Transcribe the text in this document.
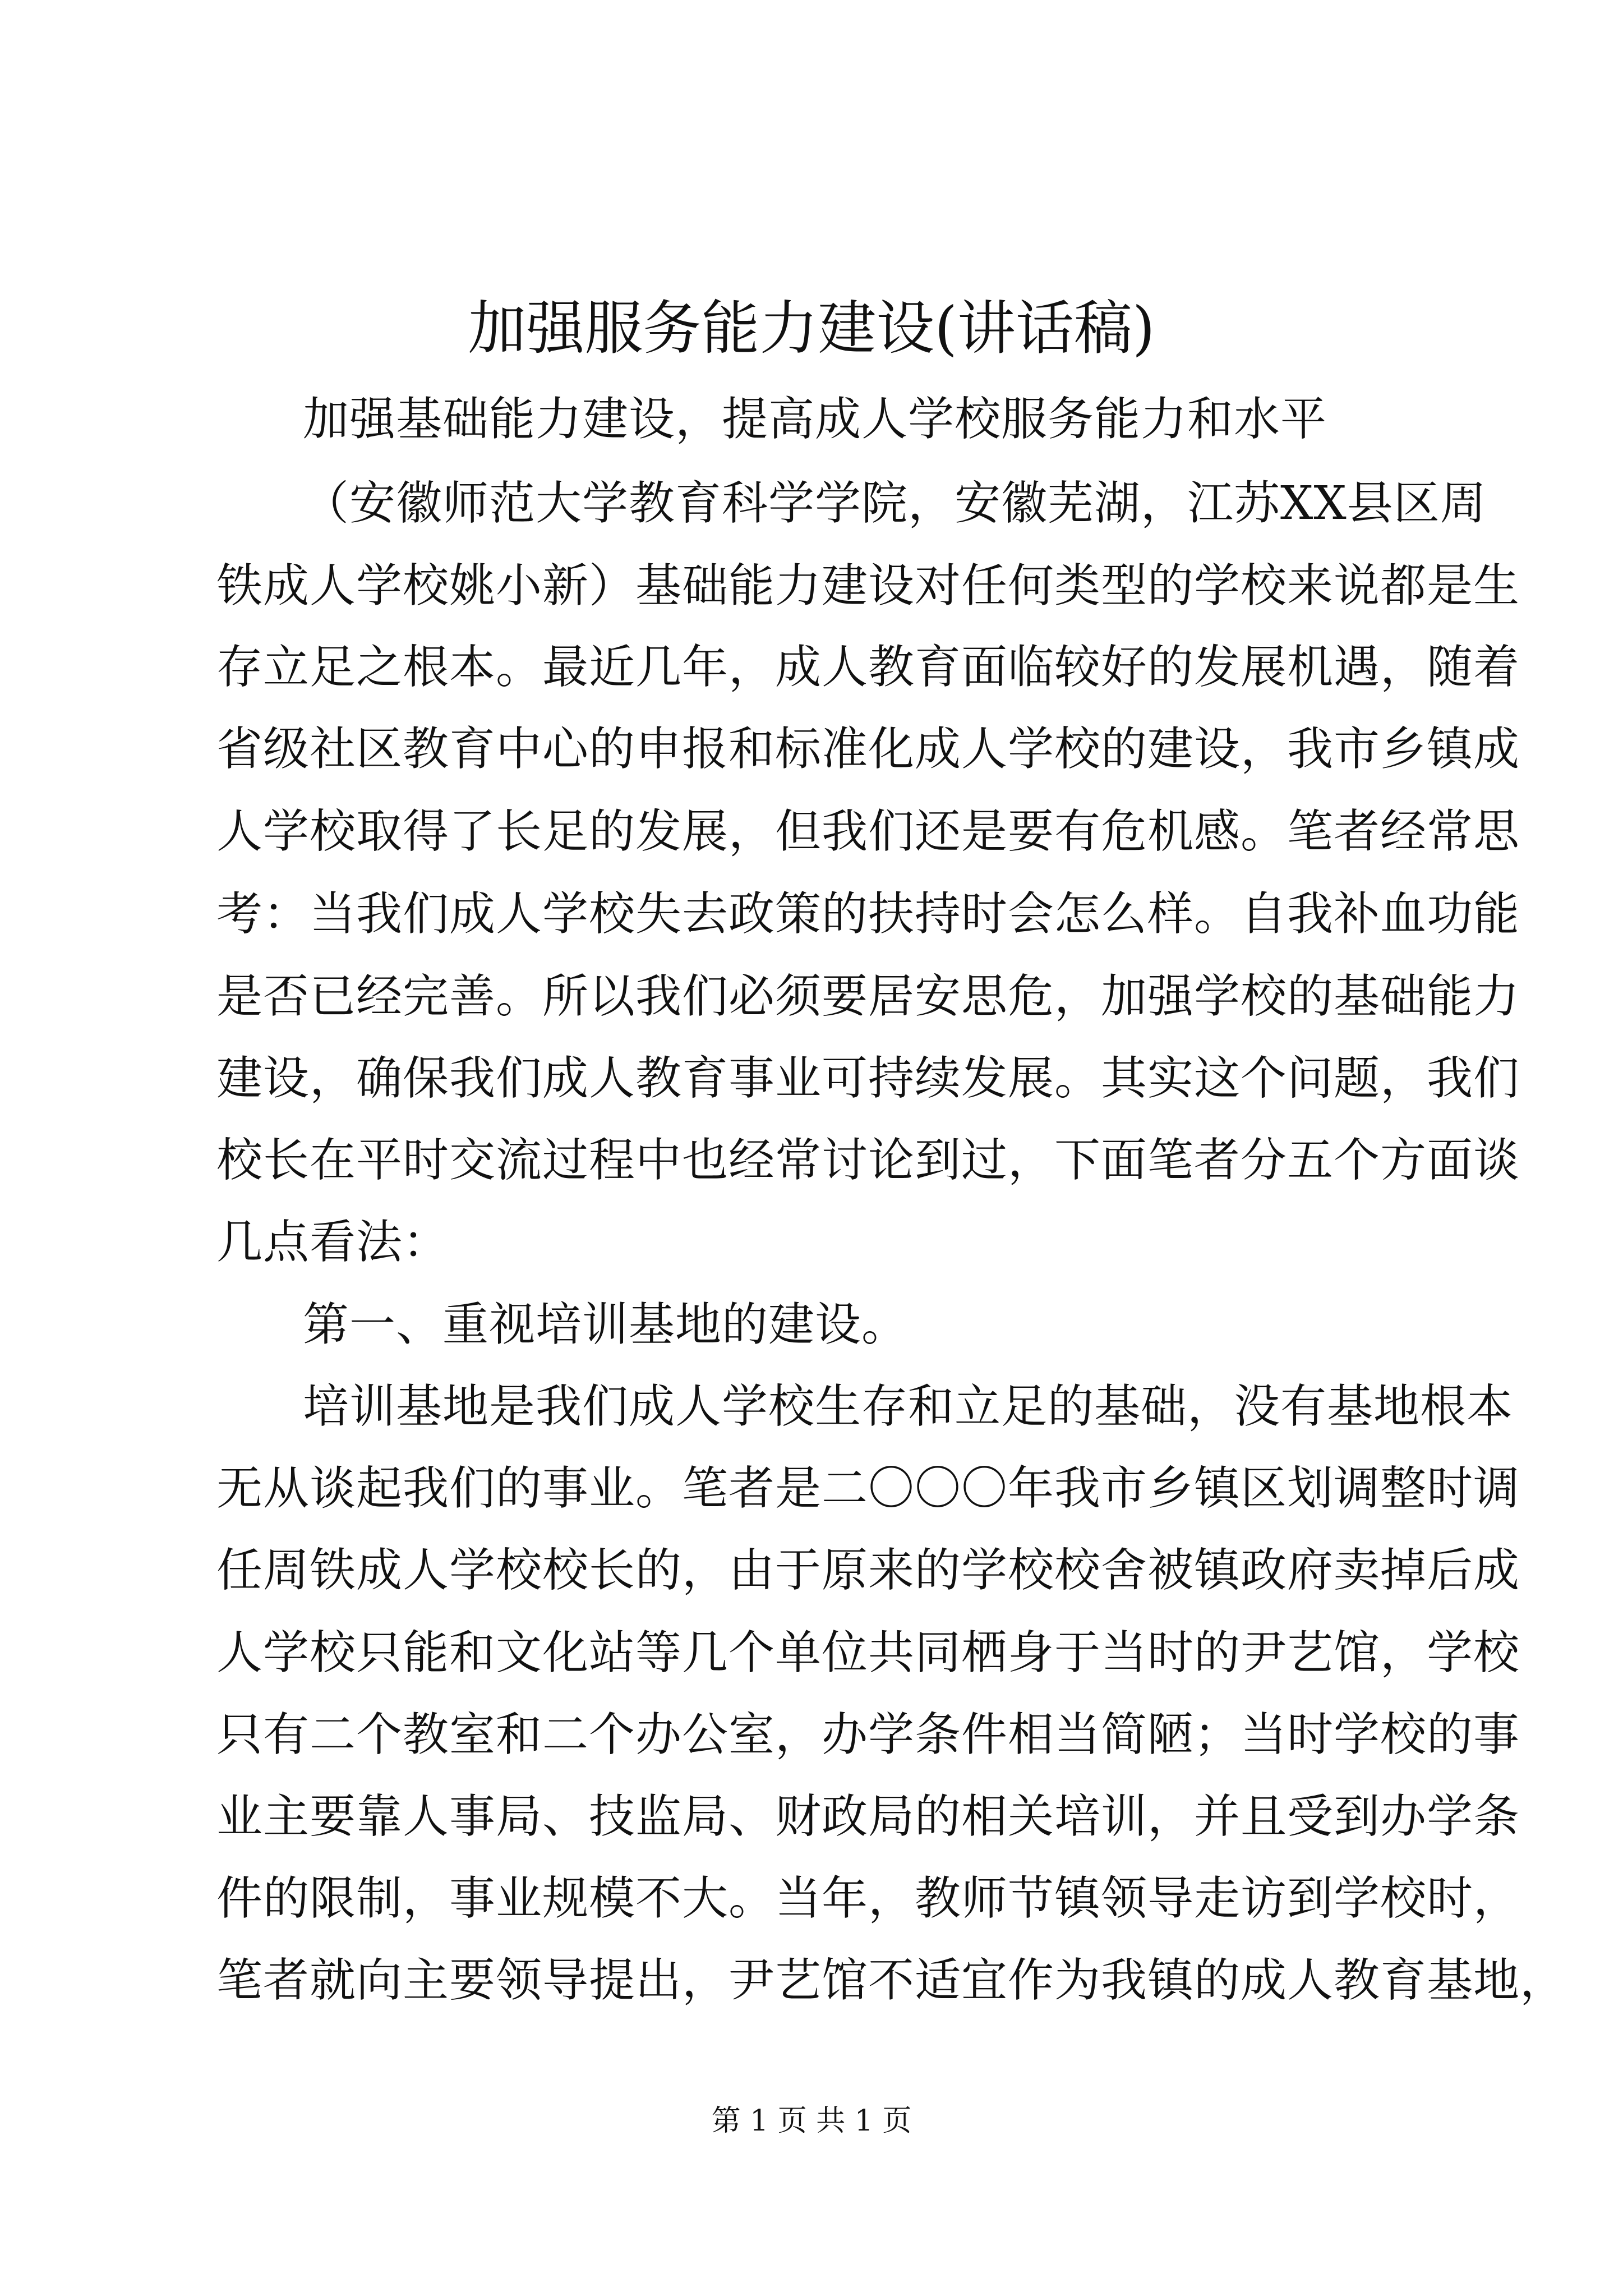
加强服务能力建设(讲话稿)

加强基础能力建设，提高成人学校服务能力和水平

（安徽师范大学教育科学学院，安徽芜湖，江苏XX县区周

铁成人学校姚小新）基础能力建设对任何类型的学校来说都是生

存立足之根本。最近几年，成人教育面临较好的发展机遇，随着

省级社区教育中心的申报和标准化成人学校的建设，我市乡镇成

人学校取得了长足的发展，但我们还是要有危机感。笔者经常思

考：当我们成人学校失去政策的扶持时会怎么样。自我补血功能

是否已经完善。所以我们必须要居安思危，加强学校的基础能力

建设，确保我们成人教育事业可持续发展。其实这个问题，我们

校长在平时交流过程中也经常讨论到过，下面笔者分五个方面谈

几点看法：

第一、重视培训基地的建设。

培训基地是我们成人学校生存和立足的基础，没有基地根本

无从谈起我们的事业。笔者是二〇〇〇年我市乡镇区划调整时调

任周铁成人学校校长的，由于原来的学校校舍被镇政府卖掉后成

人学校只能和文化站等几个单位共同栖身于当时的尹艺馆，学校

只有二个教室和二个办公室，办学条件相当简陋；当时学校的事

业主要靠人事局、技监局、财政局的相关培训，并且受到办学条

件的限制，事业规模不大。当年，教师节镇领导走访到学校时，

笔者就向主要领导提出，尹艺馆不适宜作为我镇的成人教育基地，

第 1 页 共 1 页
